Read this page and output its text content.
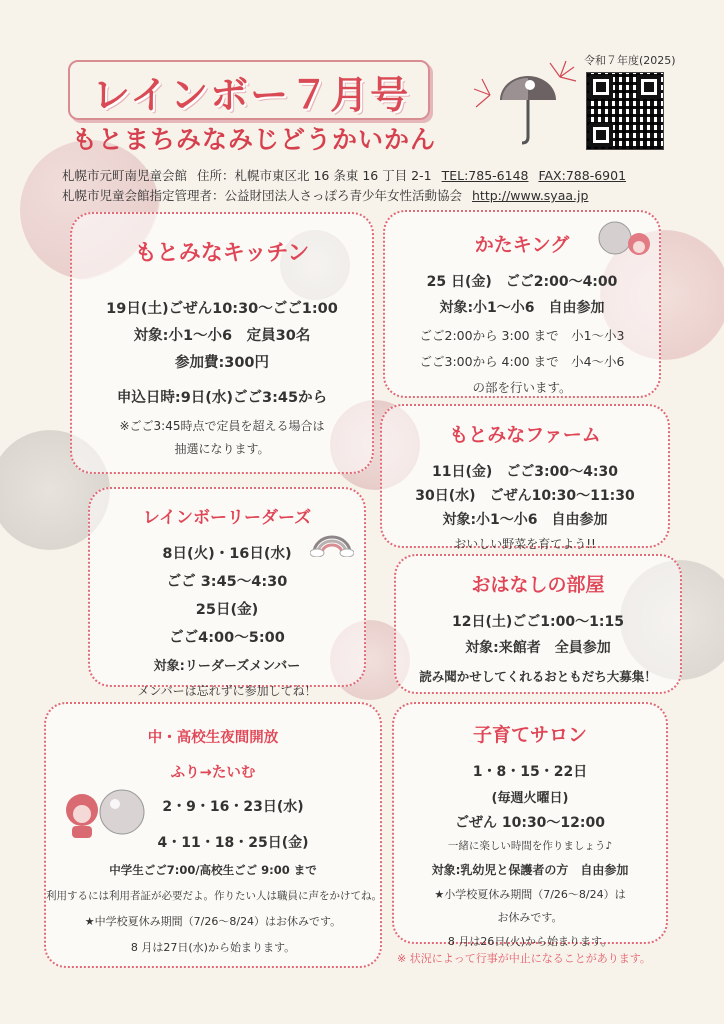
レインボー７月号
もとまちみなみじどうかいかん
令和７年度(2025)
札幌市元町南児童会館 住所：札幌市東区北 16 条東 16 丁目 2-1 TEL:785-6148 FAX:788-6901
札幌市児童会館指定管理者：公益財団法人さっぽろ青少年女性活動協会 http://www.syaa.jp
もとみなキッチン
19日(土)ごぜん10:30～ごご1:00
対象:小1～小6　定員30名
参加費:300円
申込日時:9日(水)ごご3:45から
※ごご3:45時点で定員を超える場合は
抽選になります。
レインボーリーダーズ
8日(火)・16日(水)
ごご 3:45～4:30
25日(金)
ごご4:00～5:00
対象:リーダーズメンバー
メンバーは忘れずに参加してね！
中・高校生夜間開放
ふり→たいむ
2・9・16・23日(水)
4・11・18・25日(金)
中学生ごご7:00/高校生ごご 9:00 まで
利用するには利用者証が必要だよ。作りたい人は職員に声をかけてね。
★中学校夏休み期間（7/26～8/24）はお休みです。
8 月は27日(水)から始まります。
かたキング
25 日(金)　ごご2:00～4:00
対象:小1～小6　自由参加
ごご2:00から 3:00 まで　小1～小3
ごご3:00から 4:00 まで　小4～小6
の部を行います。
もとみなファーム
11日(金)　ごご3:00～4:30
30日(水)　ごぜん10:30～11:30
対象:小1～小6　自由参加
おいしい野菜を育てよう!!
おはなしの部屋
12日(土)ごご1:00～1:15
対象:来館者　全員参加
読み聞かせしてくれるおともだち大募集！
子育てサロン
1・8・15・22日
(毎週火曜日)
ごぜん 10:30～12:00
一緒に楽しい時間を作りましょう♪
対象:乳幼児と保護者の方　自由参加
★小学校夏休み期間（7/26～8/24）は
お休みです。
8 月は26日(火)から始まります。
※ 状況によって行事が中止になることがあります。
